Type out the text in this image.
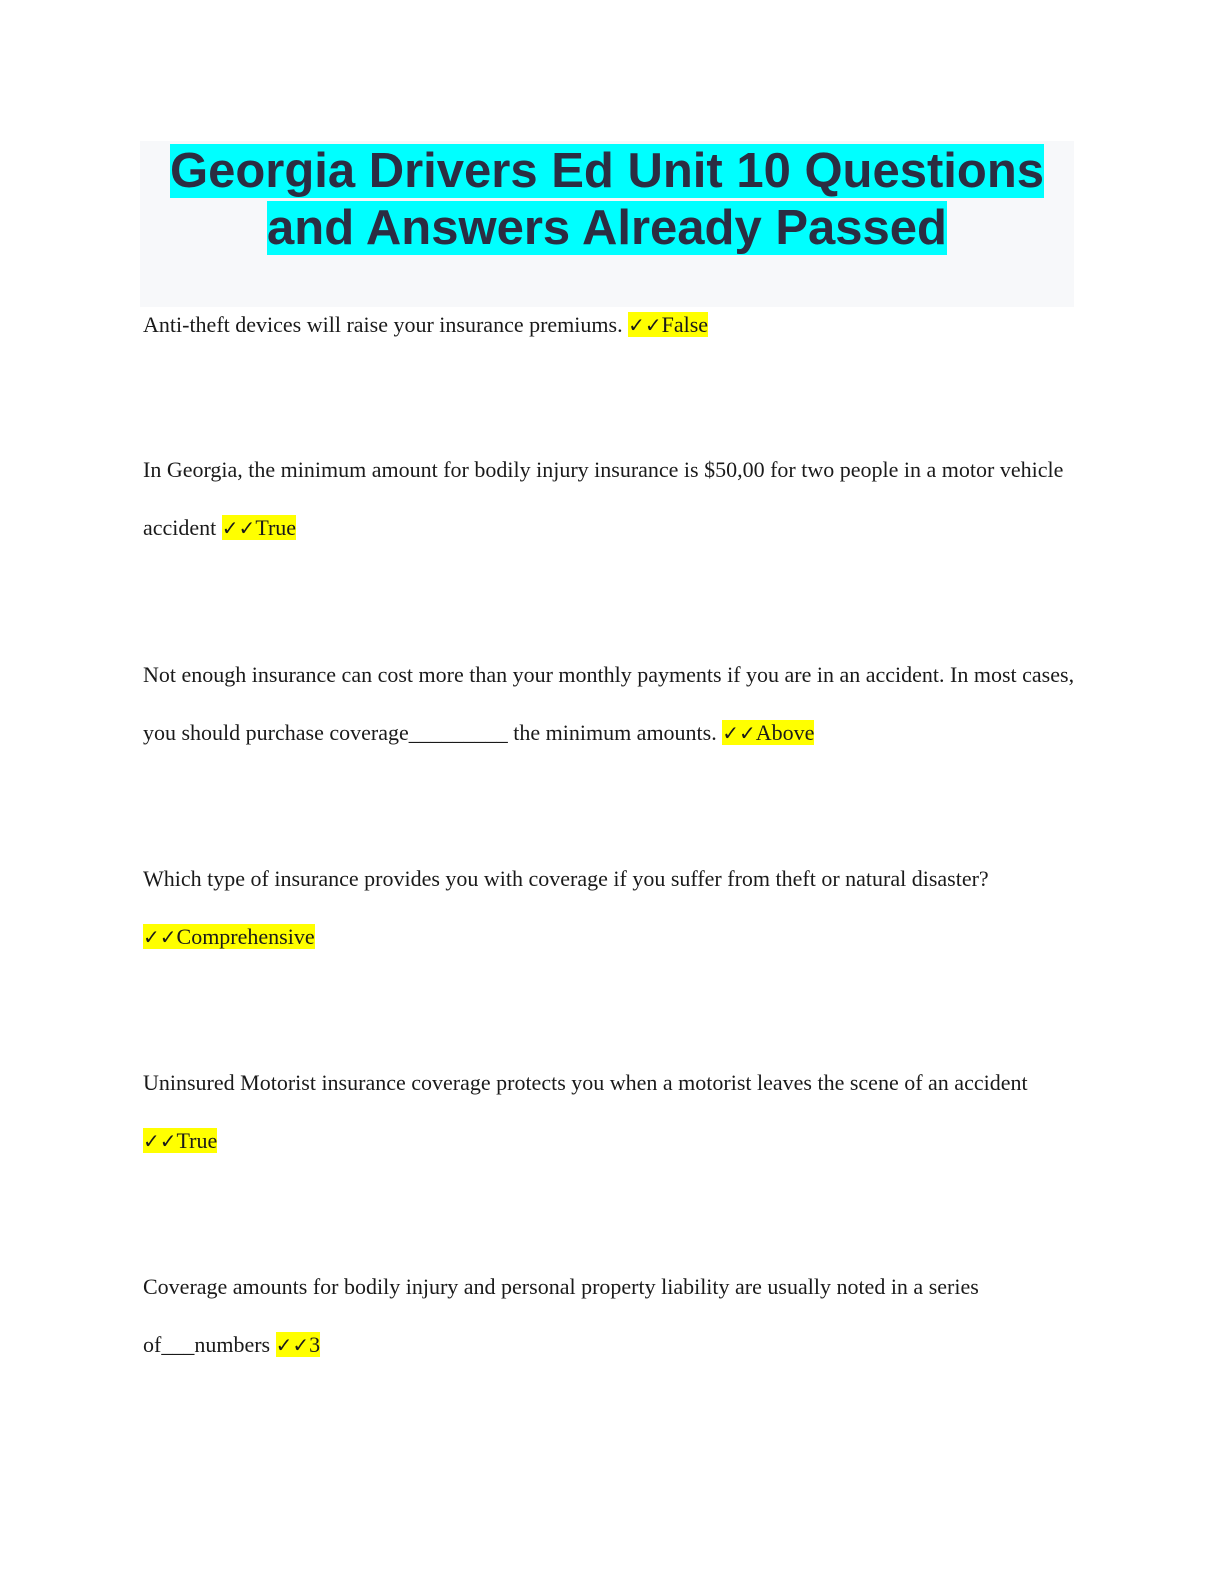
Georgia Drivers Ed Unit 10 Questions
and Answers Already Passed

Anti-theft devices will raise your insurance premiums. ✓✓False

In Georgia, the minimum amount for bodily injury insurance is $50,00 for two people in a motor vehicle accident ✓✓True

Not enough insurance can cost more than your monthly payments if you are in an accident. In most cases, you should purchase coverage_________ the minimum amounts. ✓✓Above

Which type of insurance provides you with coverage if you suffer from theft or natural disaster? ✓✓Comprehensive

Uninsured Motorist insurance coverage protects you when a motorist leaves the scene of an accident ✓✓True

Coverage amounts for bodily injury and personal property liability are usually noted in a series of___numbers ✓✓3
